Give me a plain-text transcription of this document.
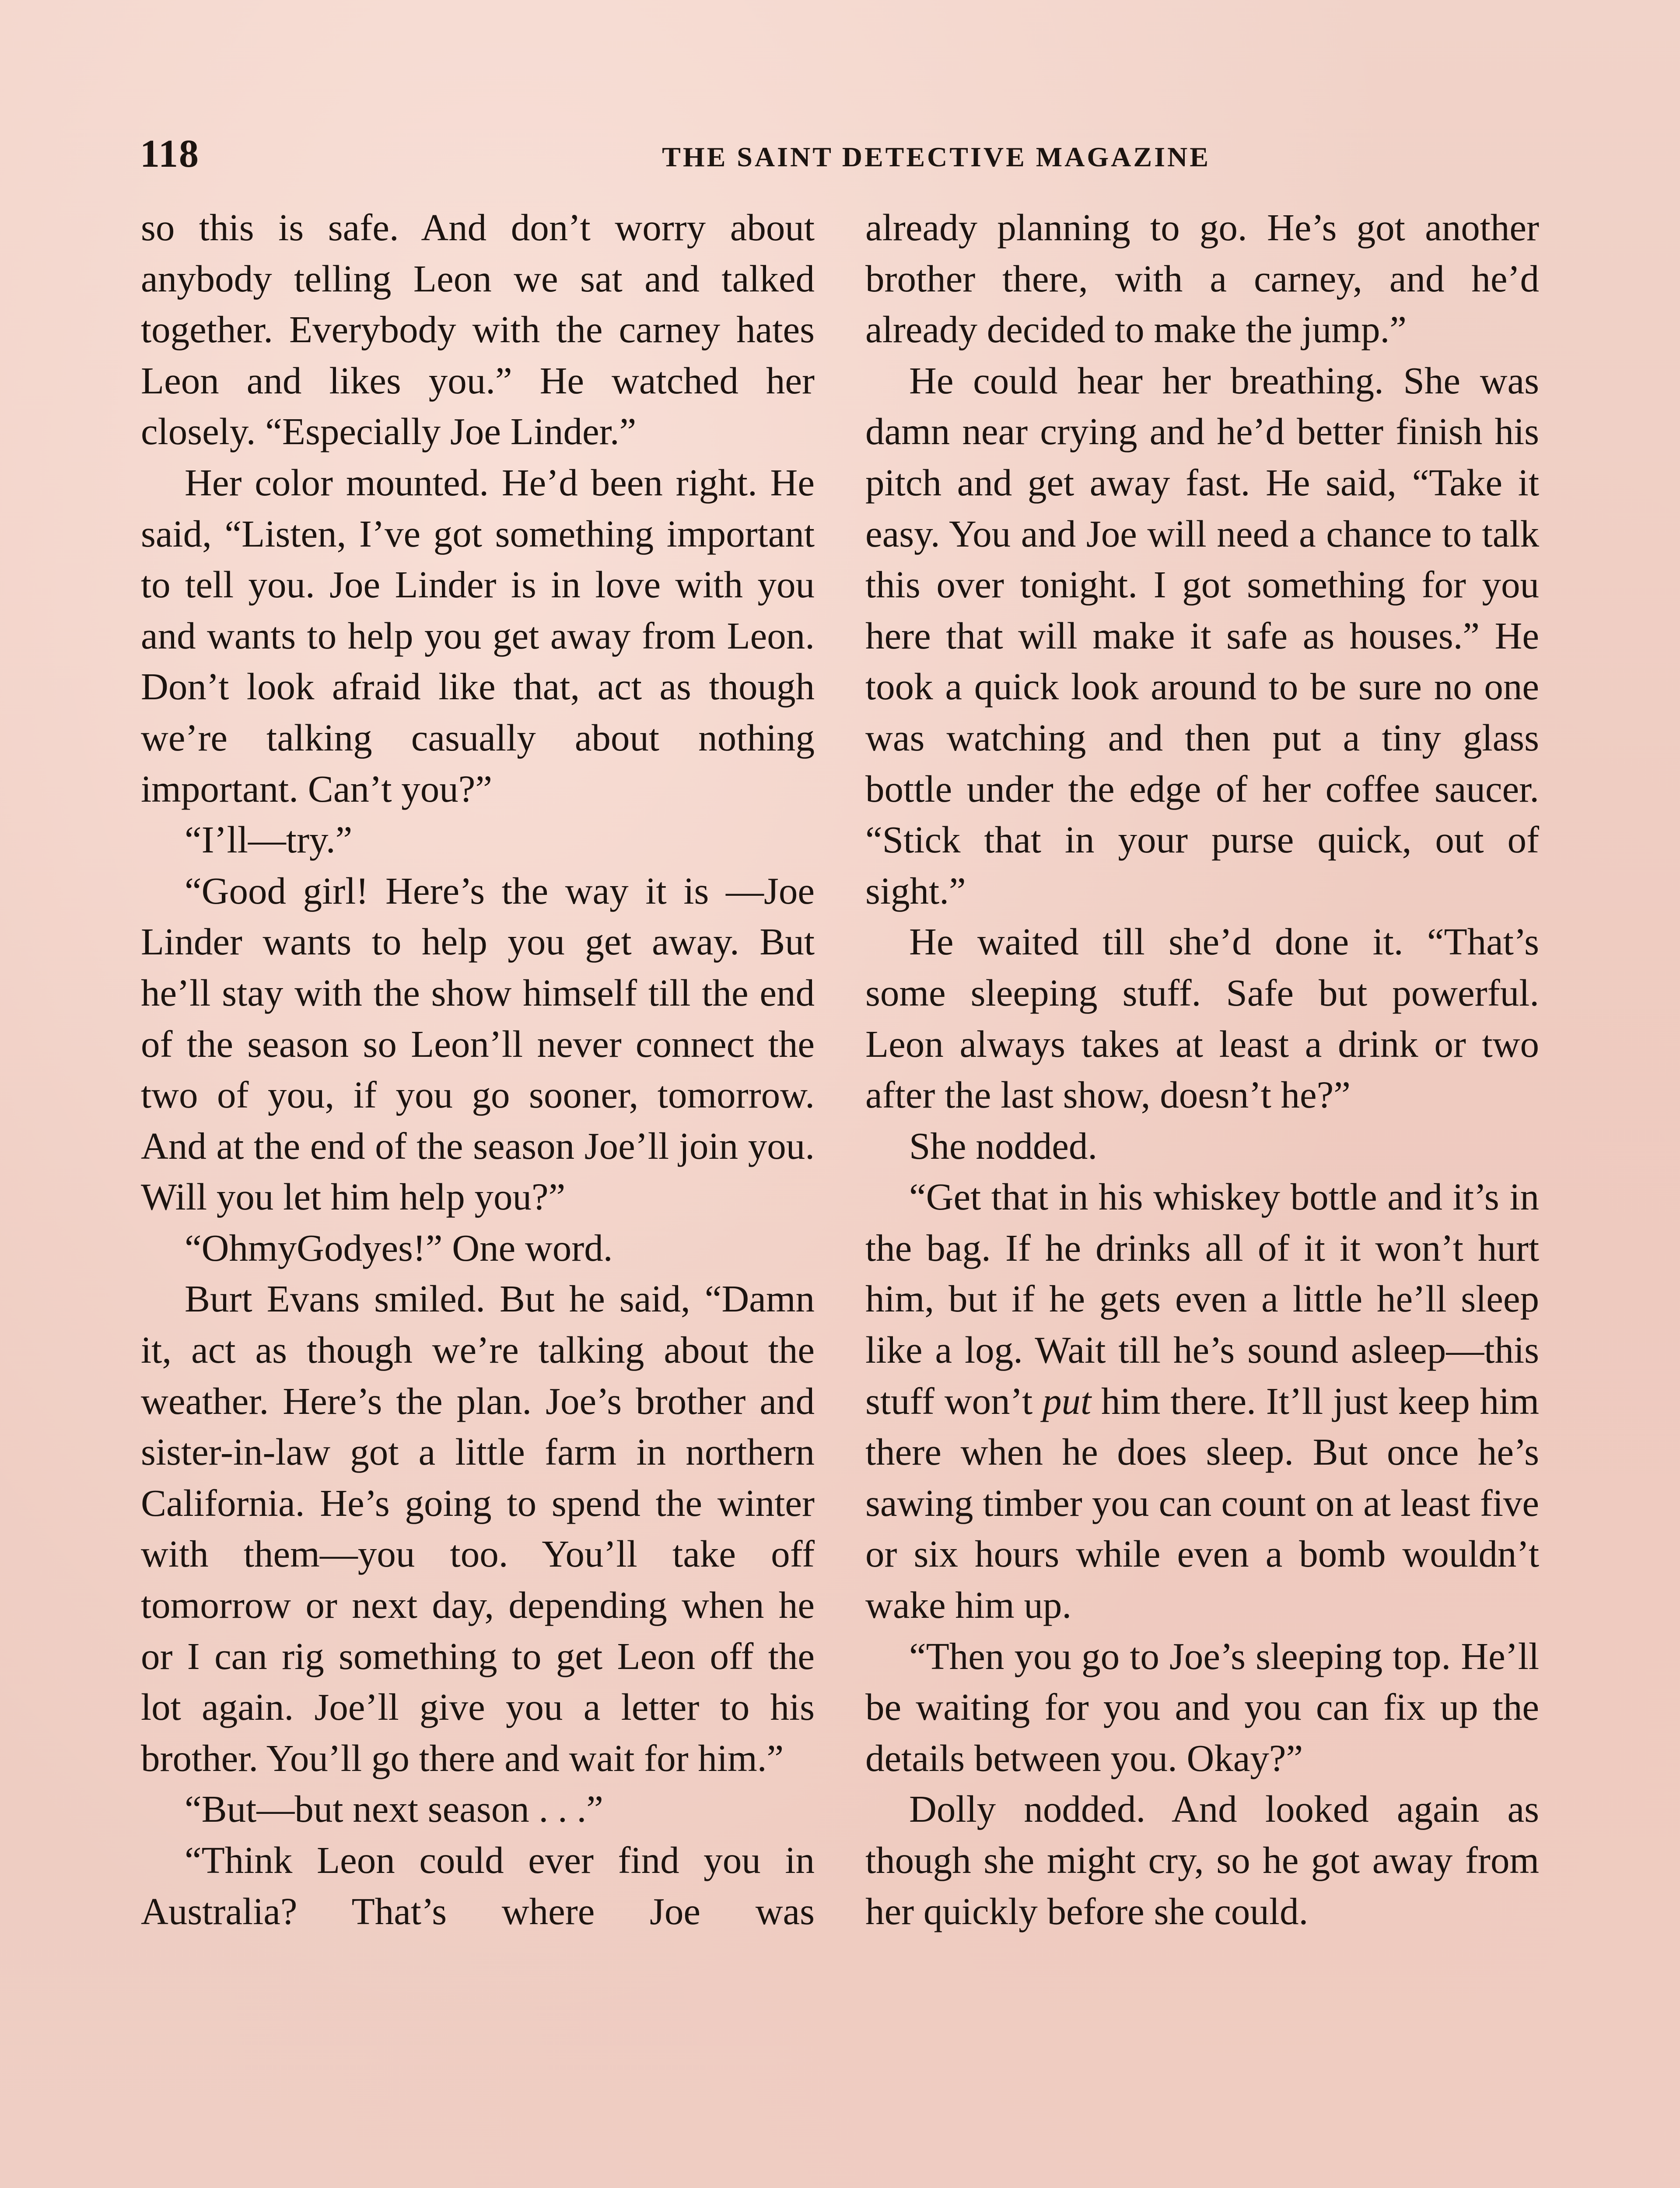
118	THE SAINT DETECTIVE MAGAZINE

so this is safe. And don’t worry about anybody telling Leon we sat and talked together. Everybody with the carney hates Leon and likes you.” He watched her closely. “Especially Joe Linder.”

Her color mounted. He’d been right. He said, “Listen, I’ve got something important to tell you. Joe Linder is in love with you and wants to help you get away from Leon. Don’t look afraid like that, act as though we’re talking casually about nothing important. Can’t you?”

“I’ll—try.”

“Good girl! Here’s the way it is —Joe Linder wants to help you get away. But he’ll stay with the show himself till the end of the season so Leon’ll never connect the two of you, if you go sooner, tomorrow. And at the end of the season Joe’ll join you. Will you let him help you?”

“OhmyGodyes!” One word.

Burt Evans smiled. But he said, “Damn it, act as though we’re talking about the weather. Here’s the plan. Joe’s brother and sister-in-law got a little farm in northern California. He’s going to spend the winter with them—you too. You’ll take off tomorrow or next day, depending when he or I can rig something to get Leon off the lot again. Joe’ll give you a letter to his brother. You’ll go there and wait for him.”

“But—but next season . . .”

“Think Leon could ever find you in Australia? That’s where Joe was

already planning to go. He’s got another brother there, with a carney, and he’d already decided to make the jump.”

He could hear her breathing. She was damn near crying and he’d better finish his pitch and get away fast. He said, “Take it easy. You and Joe will need a chance to talk this over tonight. I got something for you here that will make it safe as houses.” He took a quick look around to be sure no one was watching and then put a tiny glass bottle under the edge of her coffee saucer. “Stick that in your purse quick, out of sight.”

He waited till she’d done it. “That’s some sleeping stuff. Safe but powerful. Leon always takes at least a drink or two after the last show, doesn’t he?”

She nodded.

“Get that in his whiskey bottle and it’s in the bag. If he drinks all of it it won’t hurt him, but if he gets even a little he’ll sleep like a log. Wait till he’s sound asleep—this stuff won’t put him there. It’ll just keep him there when he does sleep. But once he’s sawing timber you can count on at least five or six hours while even a bomb wouldn’t wake him up.

“Then you go to Joe’s sleeping top. He’ll be waiting for you and you can fix up the details between you. Okay?”

Dolly nodded. And looked again as though she might cry, so he got away from her quickly before she could.
